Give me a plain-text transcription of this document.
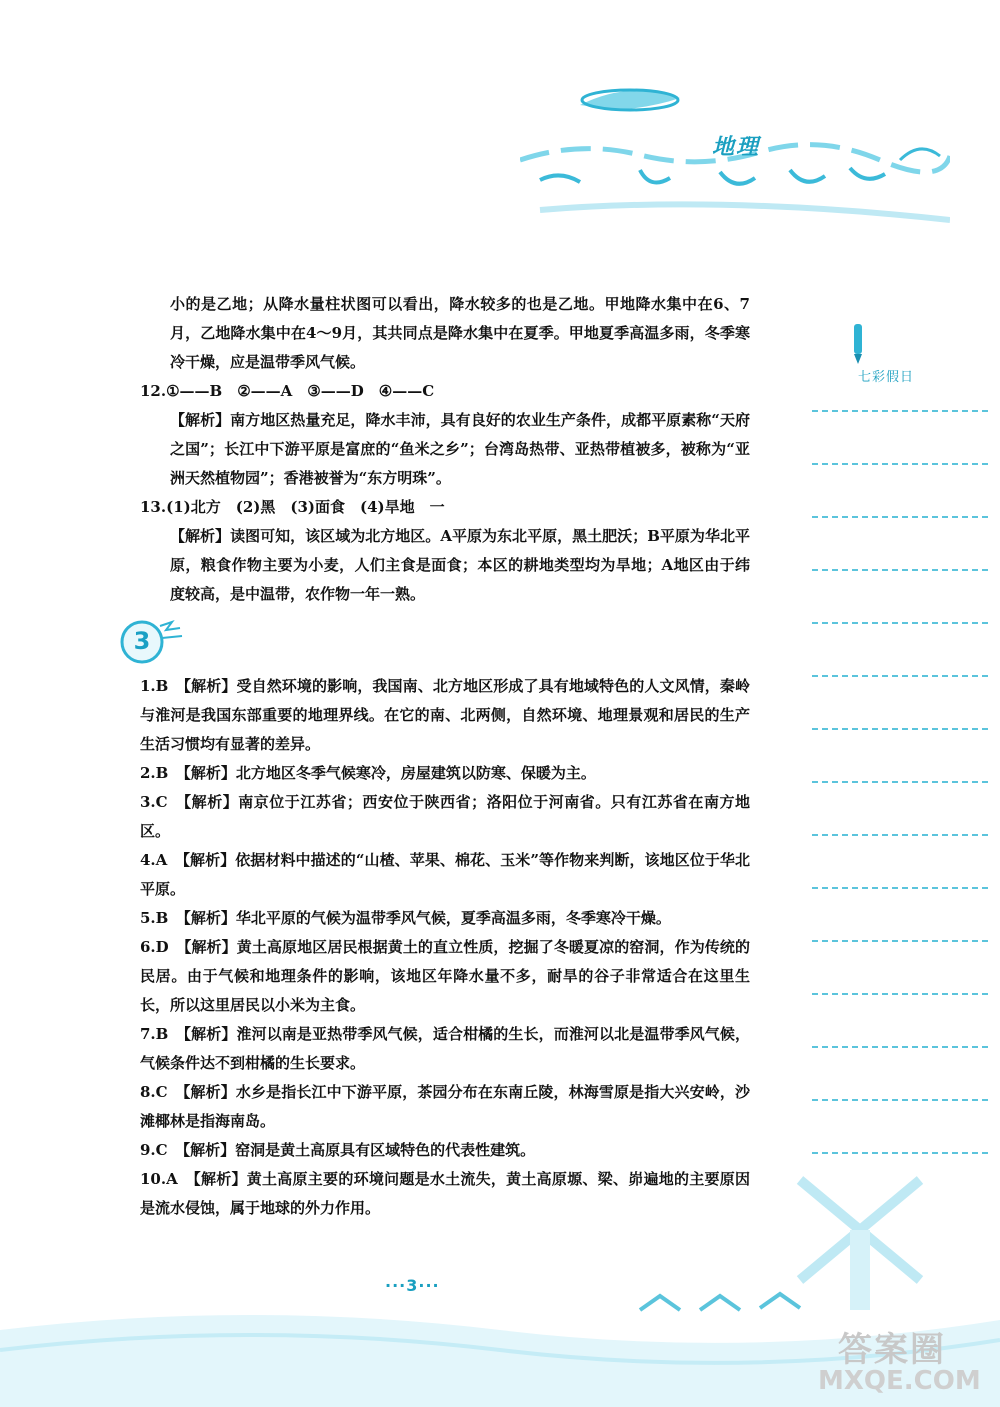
地理

小的是乙地；从降水量柱状图可以看出，降水较多的也是乙地。甲地降水集中在6、7月，乙地降水集中在4～9月，其共同点是降水集中在夏季。甲地夏季高温多雨，冬季寒冷干燥，应是温带季风气候。

12.①——B　②——A　③——D　④——C

【解析】南方地区热量充足，降水丰沛，具有良好的农业生产条件，成都平原素称“天府之国”；长江中下游平原是富庶的“鱼米之乡”；台湾岛热带、亚热带植被多，被称为“亚洲天然植物园”；香港被誉为“东方明珠”。

13.(1)北方　(2)黑　(3)面食　(4)旱地　一

【解析】读图可知，该区域为北方地区。A平原为东北平原，黑土肥沃；B平原为华北平原，粮食作物主要为小麦，人们主食是面食；本区的耕地类型均为旱地；A地区由于纬度较高，是中温带，农作物一年一熟。

3

1.B　【解析】受自然环境的影响，我国南、北方地区形成了具有地域特色的人文风情，秦岭与淮河是我国东部重要的地理界线。在它的南、北两侧，自然环境、地理景观和居民的生产生活习惯均有显著的差异。

2.B　【解析】北方地区冬季气候寒冷，房屋建筑以防寒、保暖为主。

3.C　【解析】南京位于江苏省；西安位于陕西省；洛阳位于河南省。只有江苏省在南方地区。

4.A　【解析】依据材料中描述的“山楂、苹果、棉花、玉米”等作物来判断，该地区位于华北平原。

5.B　【解析】华北平原的气候为温带季风气候，夏季高温多雨，冬季寒冷干燥。

6.D　【解析】黄土高原地区居民根据黄土的直立性质，挖掘了冬暖夏凉的窑洞，作为传统的民居。由于气候和地理条件的影响，该地区年降水量不多，耐旱的谷子非常适合在这里生长，所以这里居民以小米为主食。

7.B　【解析】淮河以南是亚热带季风气候，适合柑橘的生长，而淮河以北是温带季风气候，气候条件达不到柑橘的生长要求。

8.C　【解析】水乡是指长江中下游平原，茶园分布在东南丘陵，林海雪原是指大兴安岭，沙滩椰林是指海南岛。

9.C　【解析】窑洞是黄土高原具有区域特色的代表性建筑。

10.A　【解析】黄土高原主要的环境问题是水土流失，黄土高原塬、梁、峁遍地的主要原因是流水侵蚀，属于地球的外力作用。

七彩假日
···3···
答案圈
MXQE.COM
